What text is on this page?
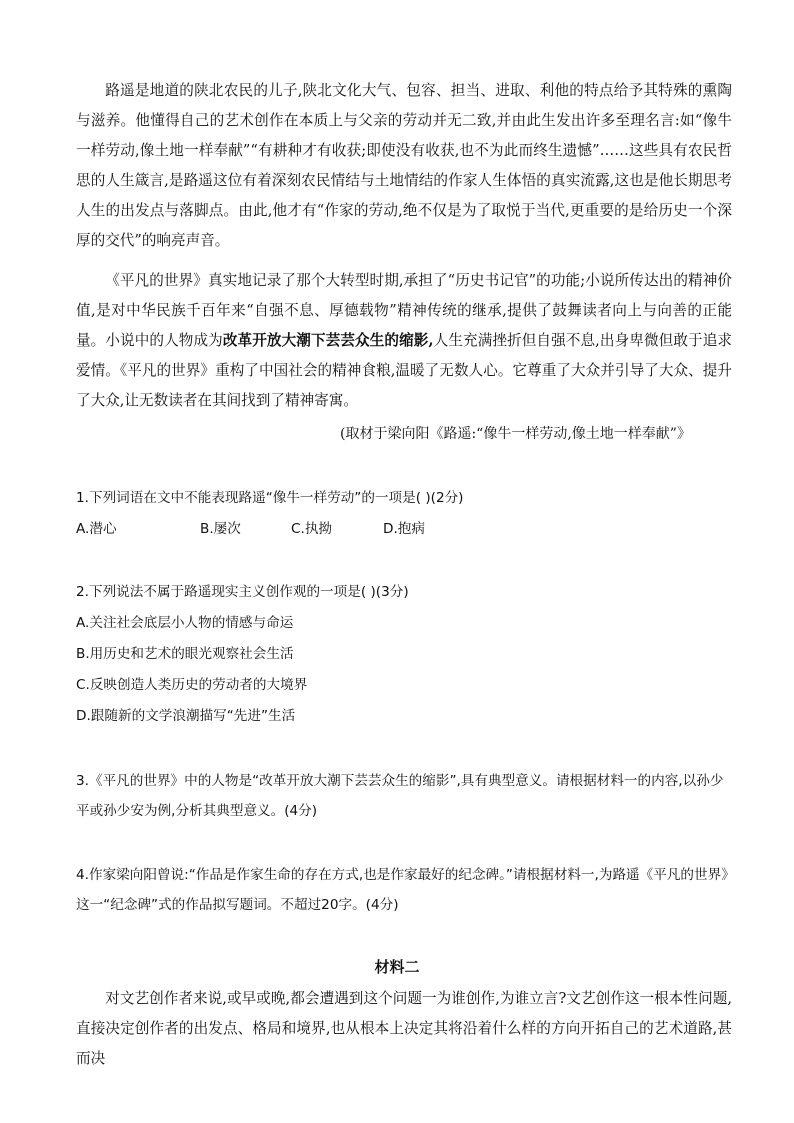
路遥是地道的陕北农民的儿子,陕北文化大气、包容、担当、进取、利他的特点给予其特殊的熏陶与滋养。他懂得自己的艺术创作在本质上与父亲的劳动并无二致,并由此生发出许多至理名言:如“像牛一样劳动,像土地一样奉献”“有耕种才有收获;即使没有收获,也不为此而终生遗憾”……这些具有农民哲思的人生箴言,是路遥这位有着深刻农民情结与土地情结的作家人生体悟的真实流露,这也是他长期思考人生的出发点与落脚点。由此,他才有“作家的劳动,绝不仅是为了取悦于当代,更重要的是给历史一个深厚的交代”的响亮声音。

《平凡的世界》真实地记录了那个大转型时期,承担了“历史书记官”的功能;小说所传达出的精神价值,是对中华民族千百年来“自强不息、厚德载物”精神传统的继承,提供了鼓舞读者向上与向善的正能量。小说中的人物成为改革开放大潮下芸芸众生的缩影,人生充满挫折但自强不息,出身卑微但敢于追求爱情。《平凡的世界》重构了中国社会的精神食粮,温暖了无数人心。它尊重了大众并引导了大众、提升了大众,让无数读者在其间找到了精神寄寓。

(取材于梁向阳《路遥:“像牛一样劳动,像土地一样奉献”》
1.下列词语在文中不能表现路遥“像牛一样劳动”的一项是( )(2分)
A.潜心	B.屡次	C.执拗	D.抱病
2.下列说法不属于路遥现实主义创作观的一项是( )(3分)
A.关注社会底层小人物的情感与命运
B.用历史和艺术的眼光观察社会生活
C.反映创造人类历史的劳动者的大境界
D.跟随新的文学浪潮描写“先进”生活
3.《平凡的世界》中的人物是“改革开放大潮下芸芸众生的缩影”,具有典型意义。请根据材料一的内容,以孙少平或孙少安为例,分析其典型意义。(4分)
4.作家梁向阳曾说:“作品是作家生命的存在方式,也是作家最好的纪念碑。”请根据材料一,为路遥《平凡的世界》这一“纪念碑”式的作品拟写题词。不超过20字。(4分)
材料二

对文艺创作者来说,或早或晚,都会遭遇到这个问题一为谁创作,为谁立言?文艺创作这一根本性问题,直接决定创作者的出发点、格局和境界,也从根本上决定其将沿着什么样的方向开拓自己的艺术道路,甚而决
